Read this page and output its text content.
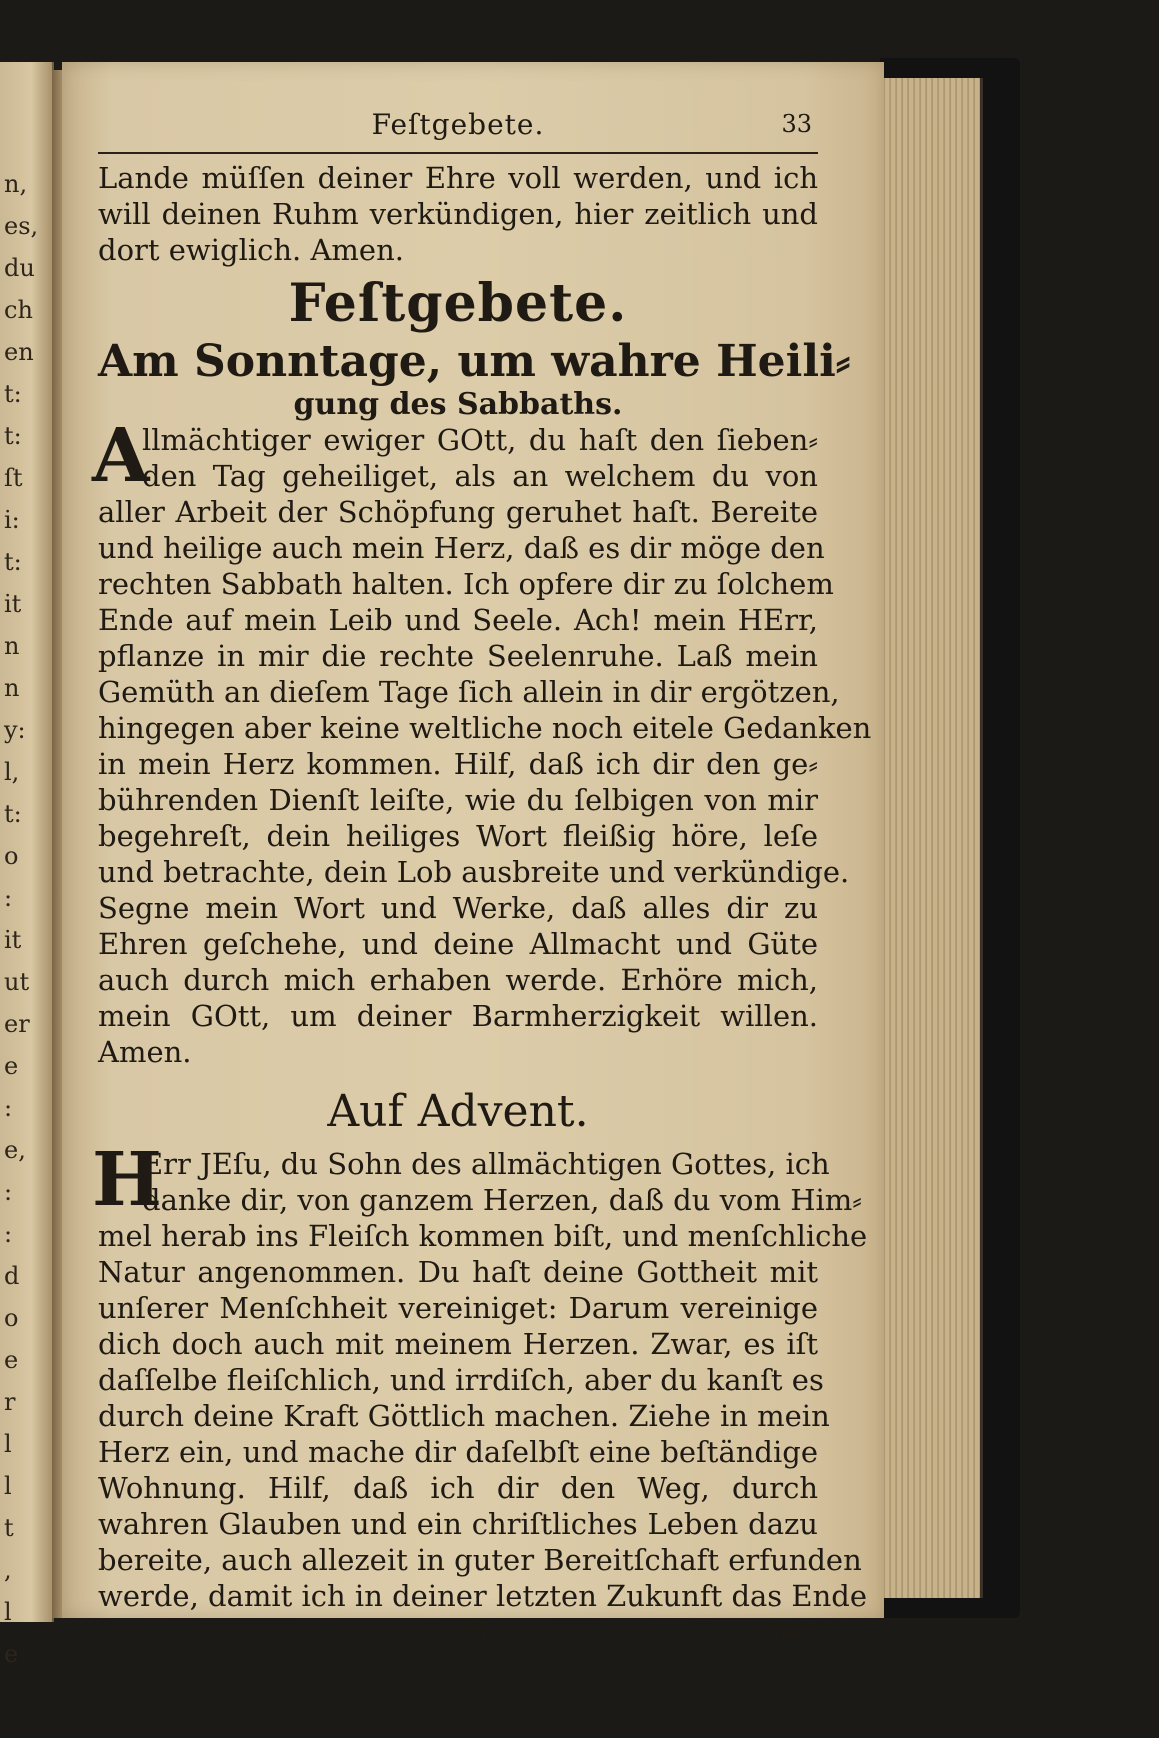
n,
es,
du
ch
en
t:
t:
ſt
i:
t:
it
n
n
y:
l,
t:
o
:
it
ut
er
e
:
e,
:
:
d
o
e
r
l
l
t
,
l
e
Feſtgebete.	33
Lande müſſen deiner Ehre voll werden, und ich
will deinen Ruhm verkündigen, hier zeitlich und
dort ewiglich. Amen.
Feſtgebete.
Am Sonntage, um wahre Heili⸗
gung des Sabbaths.
A
llmächtiger ewiger GOtt, du haſt den ſieben⸗
den Tag geheiliget, als an welchem du von
aller Arbeit der Schöpfung geruhet haſt. Bereite
und heilige auch mein Herz, daß es dir möge den
rechten Sabbath halten. Ich opfere dir zu ſolchem
Ende auf mein Leib und Seele. Ach! mein HErr,
pflanze in mir die rechte Seelenruhe. Laß mein
Gemüth an dieſem Tage ſich allein in dir ergötzen,
hingegen aber keine weltliche noch eitele Gedanken
in mein Herz kommen. Hilf, daß ich dir den ge⸗
bührenden Dienſt leiſte, wie du ſelbigen von mir
begehreſt, dein heiliges Wort fleißig höre, leſe
und betrachte, dein Lob ausbreite und verkündige.
Segne mein Wort und Werke, daß alles dir zu
Ehren geſchehe, und deine Allmacht und Güte
auch durch mich erhaben werde. Erhöre mich,
mein GOtt, um deiner Barmherzigkeit willen.
Amen.
Auf Advent.
H
Err JEſu, du Sohn des allmächtigen Gottes, ich
danke dir, von ganzem Herzen, daß du vom Him⸗
mel herab ins Fleiſch kommen biſt, und menſchliche
Natur angenommen. Du haſt deine Gottheit mit
unſerer Menſchheit vereiniget: Darum vereinige
dich doch auch mit meinem Herzen. Zwar, es iſt
daſſelbe fleiſchlich, und irrdiſch, aber du kanſt es
durch deine Kraft Göttlich machen. Ziehe in mein
Herz ein, und mache dir daſelbſt eine beſtändige
Wohnung. Hilf, daß ich dir den Weg, durch
wahren Glauben und ein chriſtliches Leben dazu
bereite, auch allezeit in guter Bereitſchaft erfunden
werde, damit ich in deiner letzten Zukunft das Ende
B 5	des
